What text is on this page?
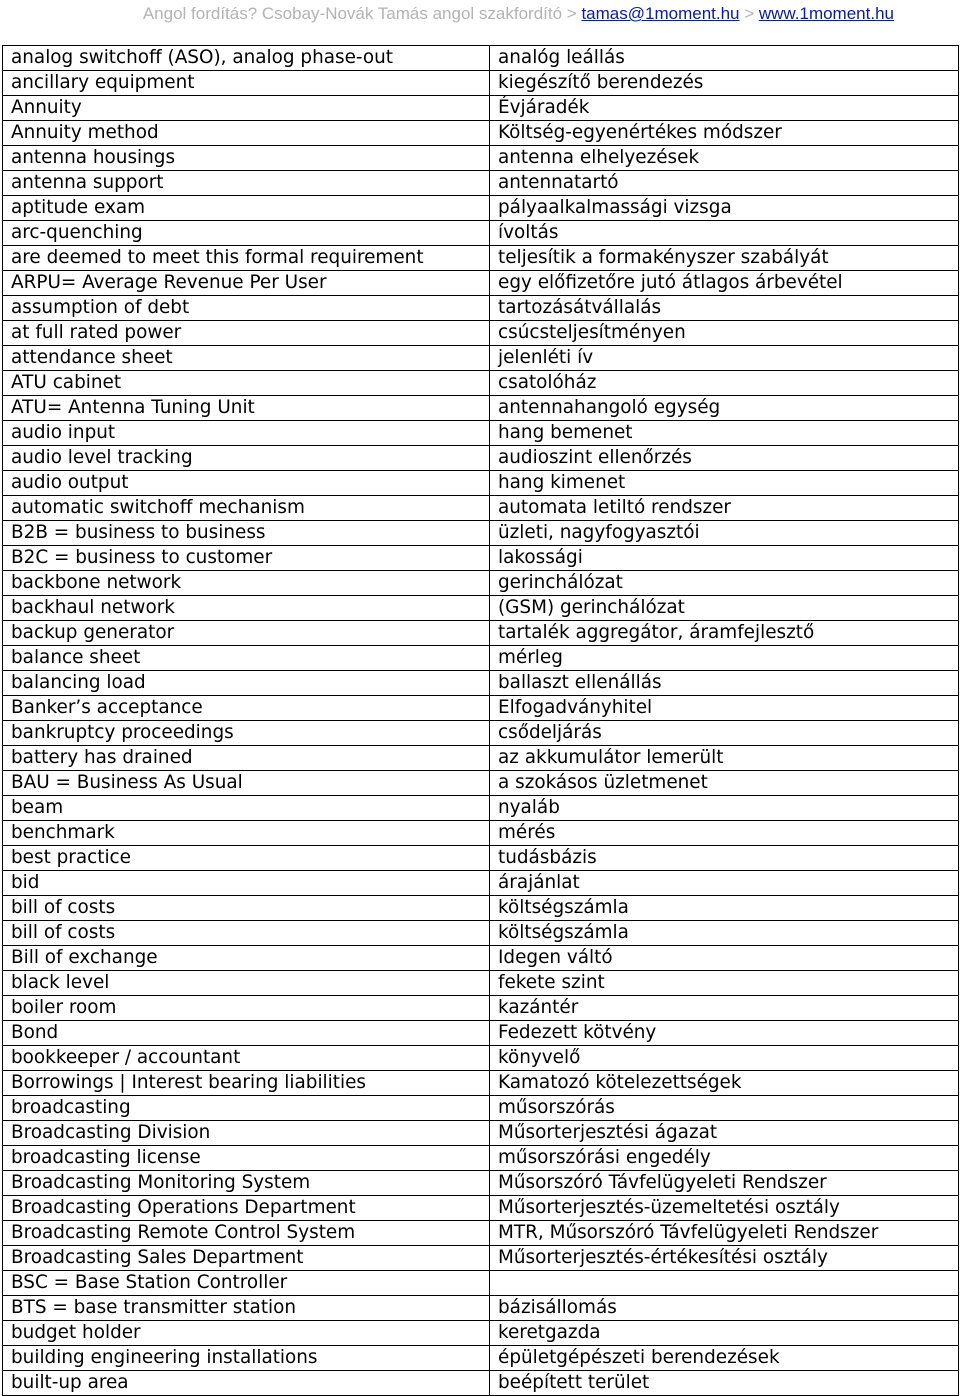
Angol fordítás? Csobay-Novák Tamás angol szakfordító > tamas@1moment.hu > www.1moment.hu
analog switchoff (ASO), analog phase-out	analóg leállás
ancillary equipment	kiegészítő berendezés
Annuity	Évjáradék
Annuity method	Költség-egyenértékes módszer
antenna housings	antenna elhelyezések
antenna support	antennatartó
aptitude exam	pályaalkalmassági vizsga
arc-quenching	ívoltás
are deemed to meet this formal requirement	teljesítik a formakényszer szabályát
ARPU= Average Revenue Per User	egy előfizetőre jutó átlagos árbevétel
assumption of debt	tartozásátvállalás
at full rated power	csúcsteljesítményen
attendance sheet	jelenléti ív
ATU cabinet	csatolóház
ATU= Antenna Tuning Unit	antennahangoló egység
audio input	hang bemenet
audio level tracking	audioszint ellenőrzés
audio output	hang kimenet
automatic switchoff mechanism	automata letiltó rendszer
B2B = business to business	üzleti, nagyfogyasztói
B2C = business to customer	lakossági
backbone network	gerinchálózat
backhaul network	(GSM) gerinchálózat
backup generator	tartalék aggregátor, áramfejlesztő
balance sheet	mérleg
balancing load	ballaszt ellenállás
Banker’s acceptance	Elfogadványhitel
bankruptcy proceedings	csődeljárás
battery has drained	az akkumulátor lemerült
BAU = Business As Usual	a szokásos üzletmenet
beam	nyaláb
benchmark	mérés
best practice	tudásbázis
bid	árajánlat
bill of costs	költségszámla
bill of costs	költségszámla
Bill of exchange	Idegen váltó
black level	fekete szint
boiler room	kazántér
Bond	Fedezett kötvény
bookkeeper / accountant	könyvelő
Borrowings | Interest bearing liabilities	Kamatozó kötelezettségek
broadcasting	műsorszórás
Broadcasting Division	Műsorterjesztési ágazat
broadcasting license	műsorszórási engedély
Broadcasting Monitoring System	Műsorszóró Távfelügyeleti Rendszer
Broadcasting Operations Department	Műsorterjesztés-üzemeltetési osztály
Broadcasting Remote Control System	MTR, Műsorszóró Távfelügyeleti Rendszer
Broadcasting Sales Department	Műsorterjesztés-értékesítési osztály
BSC = Base Station Controller	
BTS = base transmitter station	bázisállomás
budget holder	keretgazda
building engineering installations	épületgépészeti berendezések
built-up area	beépített terület
